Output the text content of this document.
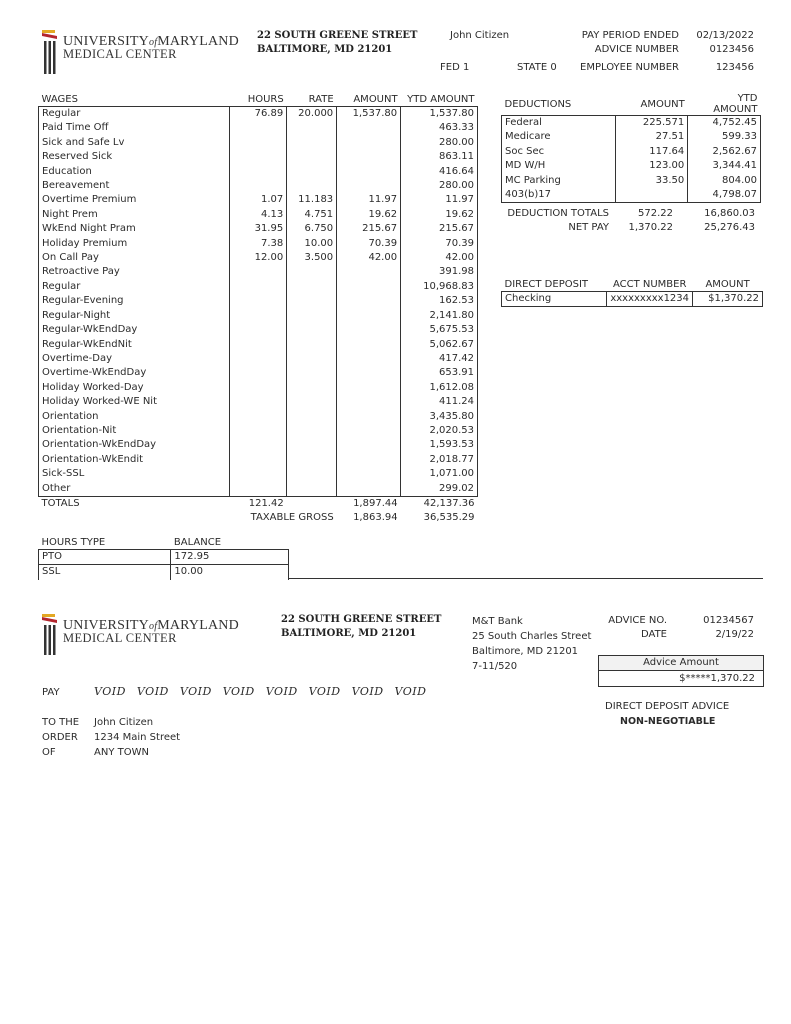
UNIVERSITYofMARYLAND
MEDICAL CENTER
22 SOUTH GREENE STREET
BALTIMORE, MD 21201
John Citizen	PAY PERIOD ENDED 02/13/2022
ADVICE NUMBER	0123456
FED 1	STATE 0 EMPLOYEE NUMBER	123456
WAGES	HOURS	RATE	AMOUNT	YTD AMOUNT
Regular	76.89	20.000	1,537.80	1,537.80
Paid Time Off				463.33
Sick and Safe Lv				280.00
Reserved Sick				863.11
Education				416.64
Bereavement				280.00
Overtime Premium	1.07	11.183	11.97	11.97
Night Prem	4.13	4.751	19.62	19.62
WkEnd Night Pram	31.95	6.750	215.67	215.67
Holiday Premium	7.38	10.00	70.39	70.39
On Call Pay	12.00	3.500	42.00	42.00
Retroactive Pay				391.98
Regular				10,968.83
Regular-Evening				162.53
Regular-Night				2,141.80
Regular-WkEndDay				5,675.53
Regular-WkEndNit				5,062.67
Overtime-Day				417.42
Overtime-WkEndDay				653.91
Holiday Worked-Day				1,612.08
Holiday Worked-WE Nit				411.24
Orientation				3,435.80
Orientation-Nit				2,020.53
Orientation-WkEndDay				1,593.53
Orientation-WkEndit				2,018.77
Sick-SSL				1,071.00
Other				299.02
TOTALS	121.42		1,897.44	42,137.36
TAXABLE GROSS			1,863.94	36,535.29
DEDUCTIONS	AMOUNT	YTD AMOUNT
Federal	225.571	4,752.45
Medicare	27.51	599.33
Soc Sec	117.64	2,562.67
MD W/H	123.00	3,344.41
MC Parking	33.50	804.00
403(b)17		4,798.07
DEDUCTION TOTALS	572.22	16,860.03
NET PAY 1,370.22	25,276.43
DIRECT DEPOSIT	ACCT NUMBER	AMOUNT
Checking	xxxxxxxxx1234	$1,370.22
HOURS TYPE	BALANCE
PTO	172.95
SSL	10.00
UNIVERSITYofMARYLAND
MEDICAL CENTER
22 SOUTH GREENE STREET
BALTIMORE, MD 21201
M&T Bank
25 South Charles Street
Baltimore, MD 21201
7-11/520
ADVICE NO.	01234567
DATE	2/19/22
Advice Amount
$*****1,370.22
PAY	VOID VOID VOID VOID VOID VOID VOID VOID
DIRECT DEPOSIT ADVICE
NON-NEGOTIABLE
TO THE
ORDER
OF
John Citizen
1234 Main Street
ANY TOWN
